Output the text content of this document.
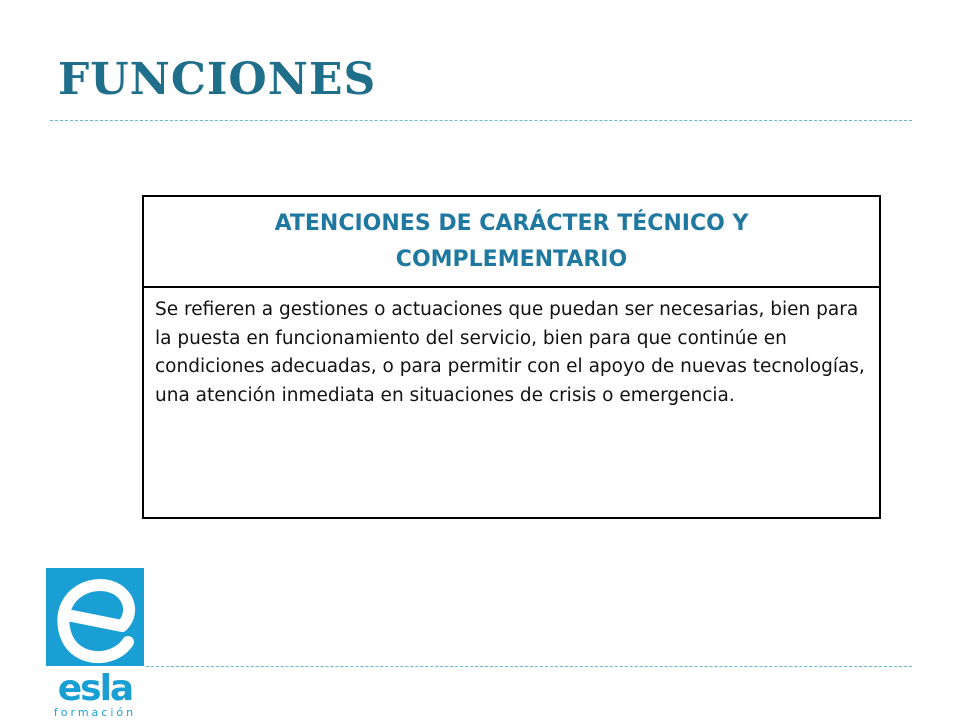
FUNCIONES
ATENCIONES DE CARÁCTER TÉCNICO Y COMPLEMENTARIO
Se refieren a gestiones o actuaciones que puedan ser necesarias, bien para la puesta en funcionamiento del servicio, bien para que continúe en condiciones adecuadas, o para permitir con el apoyo de nuevas tecnologías, una atención inmediata en situaciones de crisis o emergencia.
esla
formación
